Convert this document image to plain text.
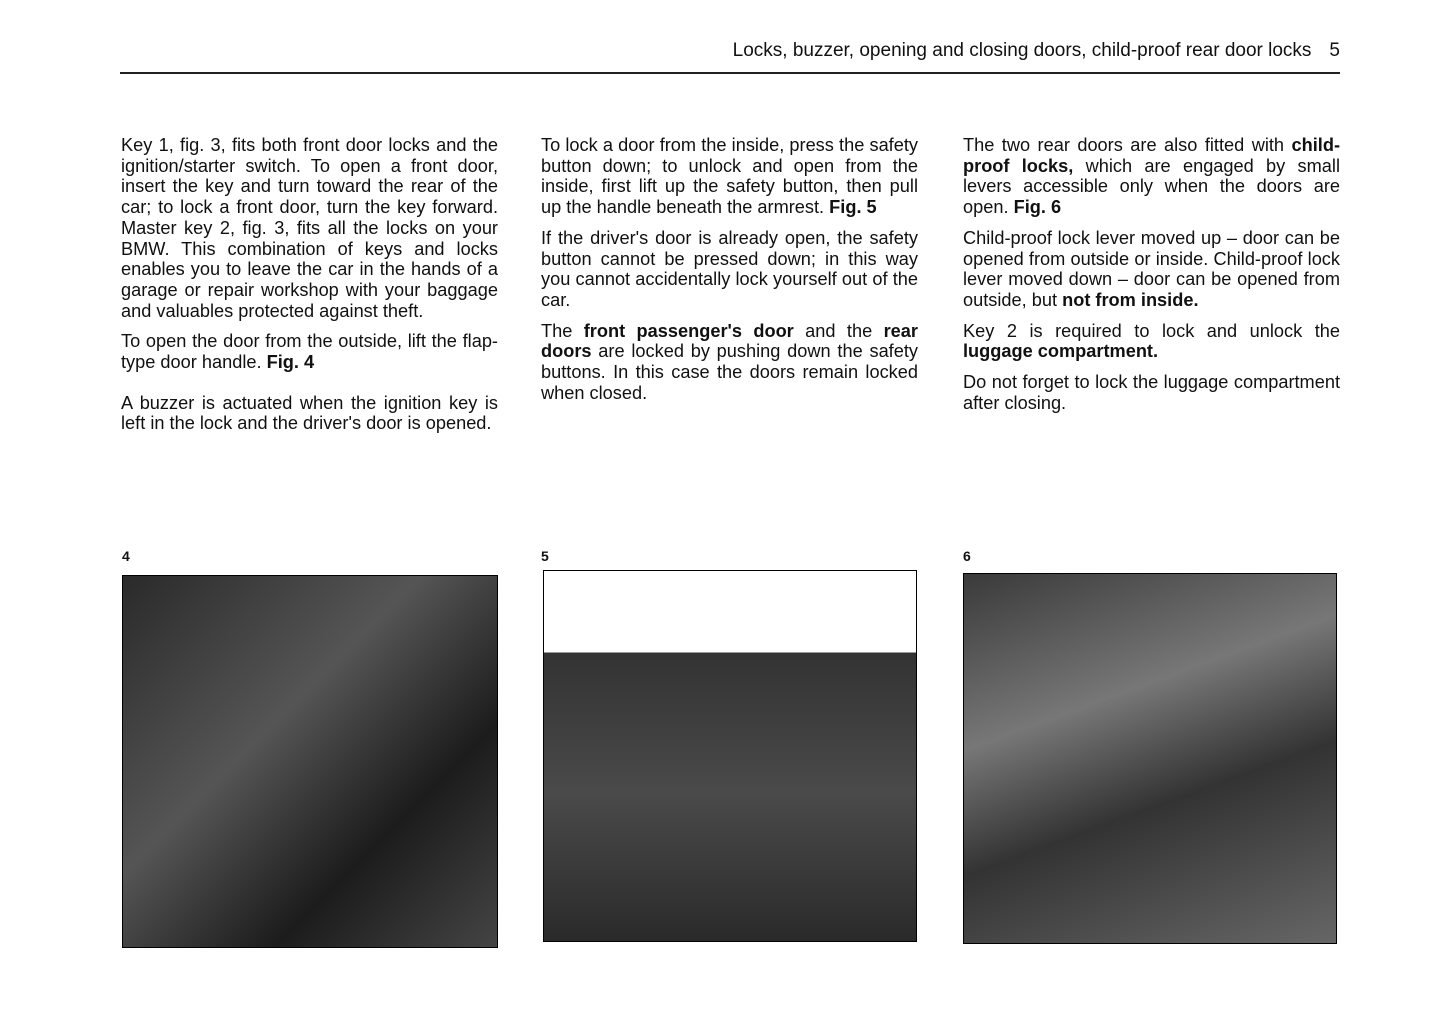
Locks, buzzer, opening and closing doors, child-proof rear door locks 5

Key 1, fig. 3, fits both front door locks and the ignition/starter switch. To open a front door, insert the key and turn toward the rear of the car; to lock a front door, turn the key forward. Master key 2, fig. 3, fits all the locks on your BMW. This combination of keys and locks enables you to leave the car in the hands of a garage or repair workshop with your baggage and valuables protected against theft.

To open the door from the outside, lift the flap-type door handle. Fig. 4

A buzzer is actuated when the ignition key is left in the lock and the driver's door is opened.

To lock a door from the inside, press the safety button down; to unlock and open from the inside, first lift up the safety button, then pull up the handle beneath the armrest. Fig. 5

If the driver's door is already open, the safety button cannot be pressed down; in this way you cannot accidentally lock yourself out of the car.

The front passenger's door and the rear doors are locked by pushing down the safety buttons. In this case the doors remain locked when closed.

The two rear doors are also fitted with child-proof locks, which are engaged by small levers accessible only when the doors are open. Fig. 6

Child-proof lock lever moved up – door can be opened from outside or inside. Child-proof lock lever moved down – door can be opened from outside, but not from inside.

Key 2 is required to lock and unlock the luggage compartment.

Do not forget to lock the luggage compartment after closing.

4	5	6
